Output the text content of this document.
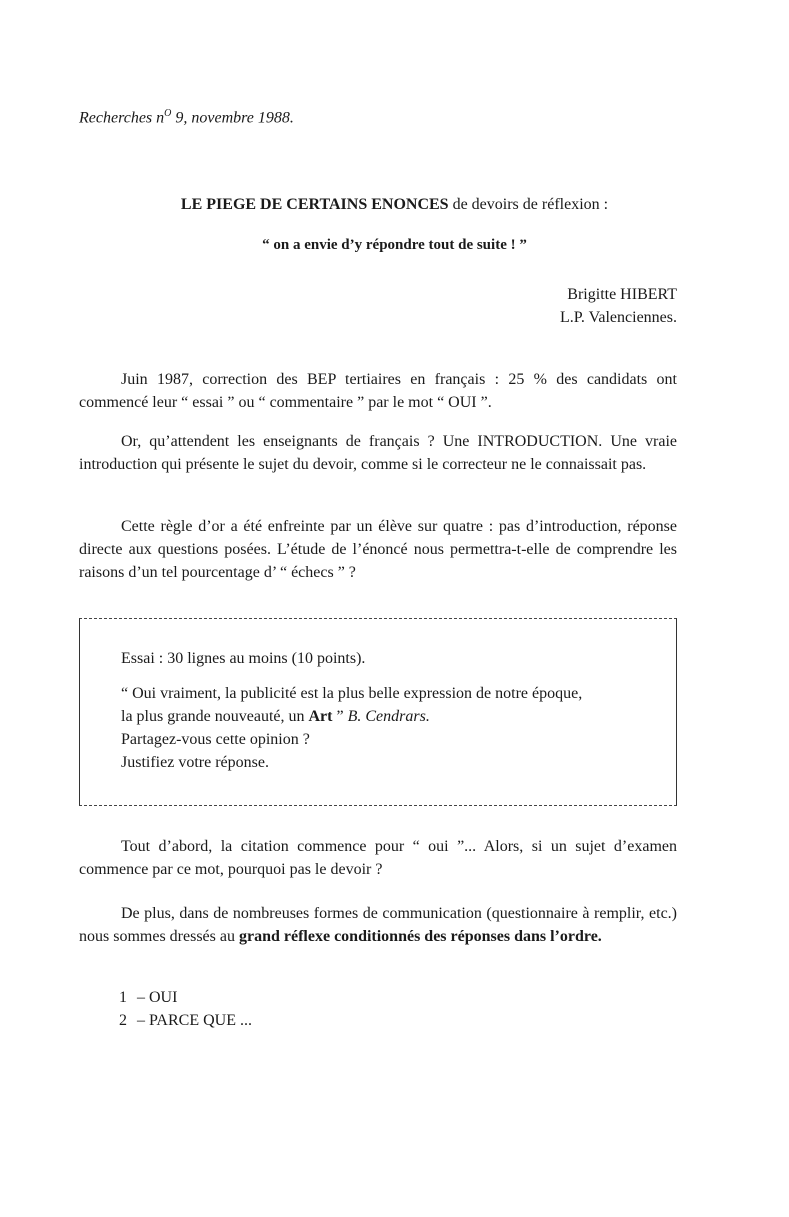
Recherches $n^O$ 9, novembre 1988.
LE PIEGE DE CERTAINS ENONCES de devoirs de réflexion :
“ on a envie d’y répondre tout de suite ! ”
Brigitte HIBERT
L.P. Valenciennes.
Juin 1987, correction des BEP tertiaires en français : 25 % des candidats ont commencé leur “ essai ” ou “ commentaire ” par le mot “ OUI ”.
Or, qu’attendent les enseignants de français ? Une INTRODUCTION. Une vraie introduction qui présente le sujet du devoir, comme si le correcteur ne le connaissait pas.
Cette règle d’or a été enfreinte par un élève sur quatre : pas d’introduction, réponse directe aux questions posées. L’étude de l’énoncé nous permettra-t-elle de comprendre les raisons d’un tel pourcentage d’ “ échecs ” ?
Essai : 30 lignes au moins (10 points).
“ Oui vraiment, la publicité est la plus belle expression de notre époque,
la plus grande nouveauté, un Art ” B. Cendrars.
Partagez-vous cette opinion ?
Justifiez votre réponse.
Tout d’abord, la citation commence pour “ oui ”... Alors, si un sujet d’examen commence par ce mot, pourquoi pas le devoir ?
De plus, dans de nombreuses formes de communication (questionnaire à remplir, etc.) nous sommes dressés au grand réflexe conditionnés des réponses dans l’ordre.
1 – OUI
2 – PARCE QUE ...
